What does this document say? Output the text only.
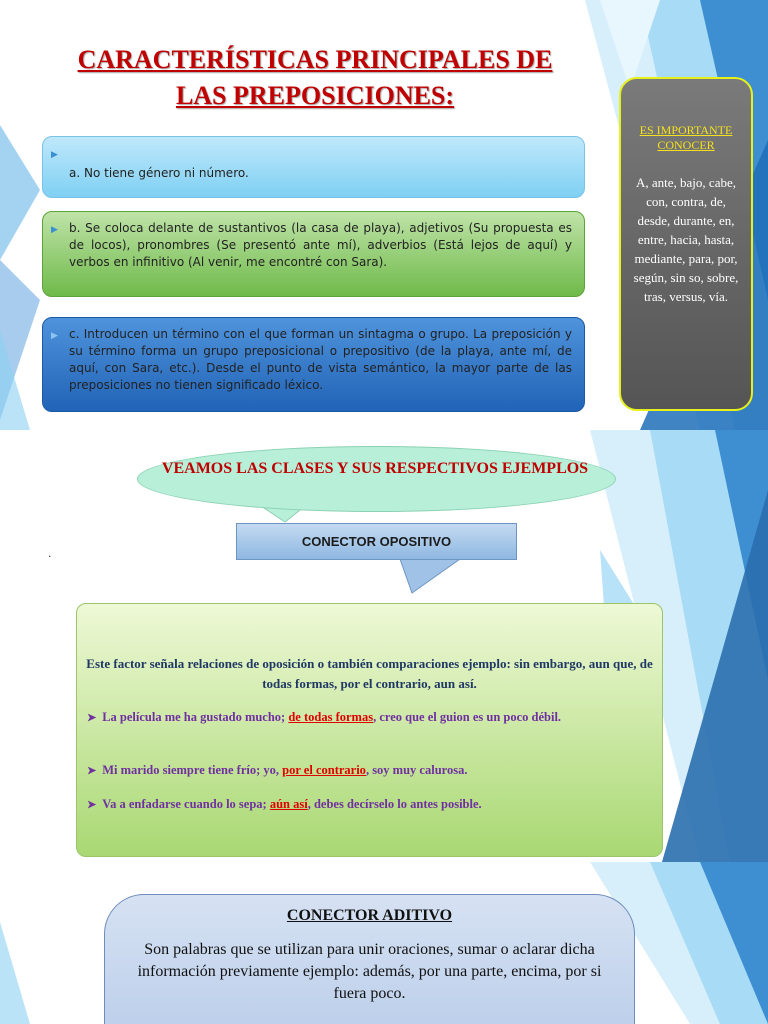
CARACTERÍSTICAS PRINCIPALES DE LAS PREPOSICIONES:
▶
a. No tiene género ni número.
▶ b. Se coloca delante de sustantivos (la casa de playa), adjetivos (Su propuesta es de locos), pronombres (Se presentó ante mí), adverbios (Está lejos de aquí) y verbos en infinitivo (Al venir, me encontré con Sara).
▶ c. Introducen un término con el que forman un sintagma o grupo. La preposición y su término forma un grupo preposicional o prepositivo (de la playa, ante mí, de aquí, con Sara, etc.). Desde el punto de vista semántico, la mayor parte de las preposiciones no tienen significado léxico.

ES IMPORTANTE CONOCER

A, ante, bajo, cabe, con, contra, de, desde, durante, en, entre, hacia, hasta, mediante, para, por, según, sin so, sobre, tras, versus, vía.

VEAMOS LAS CLASES Y SUS RESPECTIVOS EJEMPLOS

CONECTOR OPOSITIVO
.
Este factor señala relaciones de oposición o también comparaciones ejemplo: sin embargo, aun que, de todas formas, por el contrario, aun así.
➤ La película me ha gustado mucho; de todas formas, creo que el guion es un poco débil.
➤ Mi marido siempre tiene frío; yo, por el contrario, soy muy calurosa.
➤ Va a enfadarse cuando lo sepa; aún así, debes decírselo lo antes posible.

CONECTOR ADITIVO

Son palabras que se utilizan para unir oraciones, sumar o aclarar dicha información previamente ejemplo: además, por una parte, encima, por si fuera poco.
